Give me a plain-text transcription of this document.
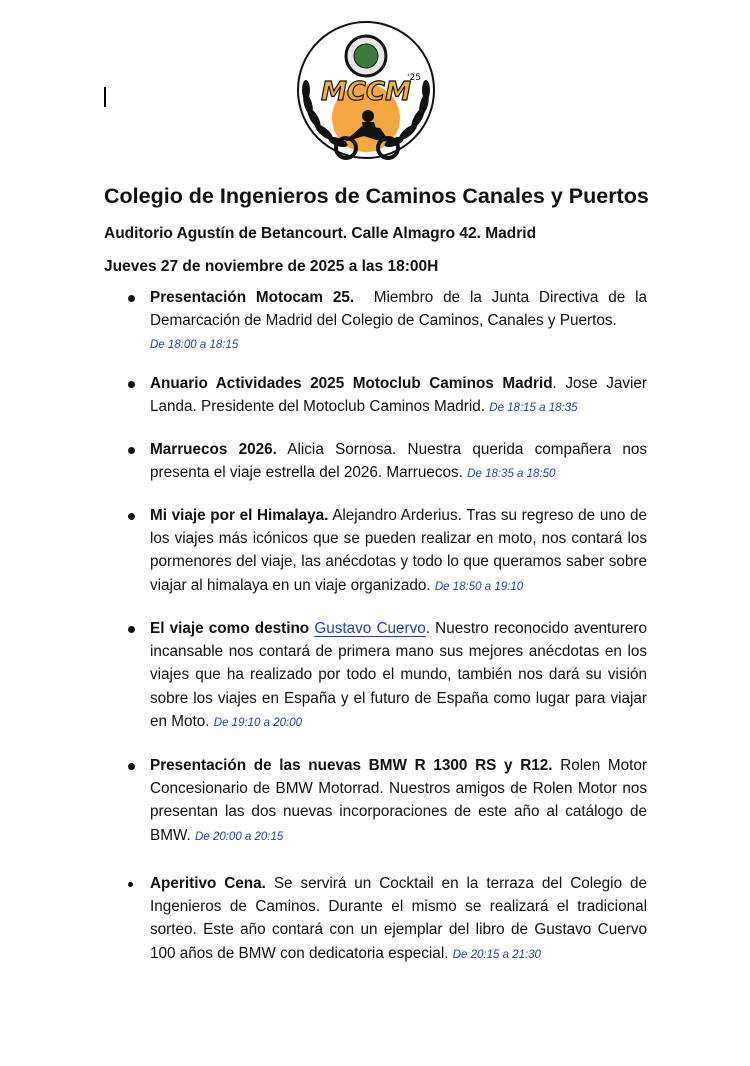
MCCM
'25
Colegio de Ingenieros de Caminos Canales y Puertos

Auditorio Agustín de Betancourt. Calle Almagro 42. Madrid

Jueves 27 de noviembre de 2025 a las 18:00H

Presentación Motocam 25. Miembro de la Junta Directiva de la Demarcación de Madrid del Colegio de Caminos, Canales y Puertos.
De 18:00 a 18:15
Anuario Actividades 2025 Motoclub Caminos Madrid. Jose Javier Landa. Presidente del Motoclub Caminos Madrid. De 18:15 a 18:35
Marruecos 2026. Alicia Sornosa. Nuestra querida compañera nos presenta el viaje estrella del 2026. Marruecos. De 18:35 a 18:50
Mi viaje por el Himalaya. Alejandro Arderius. Tras su regreso de uno de los viajes más icónicos que se pueden realizar en moto, nos contará los pormenores del viaje, las anécdotas y todo lo que queramos saber sobre viajar al himalaya en un viaje organizado. De 18:50 a 19:10
El viaje como destino Gustavo Cuervo. Nuestro reconocido aventurero incansable nos contará de primera mano sus mejores anécdotas en los viajes que ha realizado por todo el mundo, también nos dará su visión sobre los viajes en España y el futuro de España como lugar para viajar en Moto. De 19:10 a 20:00
Presentación de las nuevas BMW R 1300 RS y R12. Rolen Motor Concesionario de BMW Motorrad. Nuestros amigos de Rolen Motor nos presentan las dos nuevas incorporaciones de este año al catálogo de BMW. De 20:00 a 20:15
Aperitivo Cena. Se servirá un Cocktail en la terraza del Colegio de Ingenieros de Caminos. Durante el mismo se realizará el tradicional sorteo. Este año contará con un ejemplar del libro de Gustavo Cuervo 100 años de BMW con dedicatoria especial. De 20:15 a 21:30
